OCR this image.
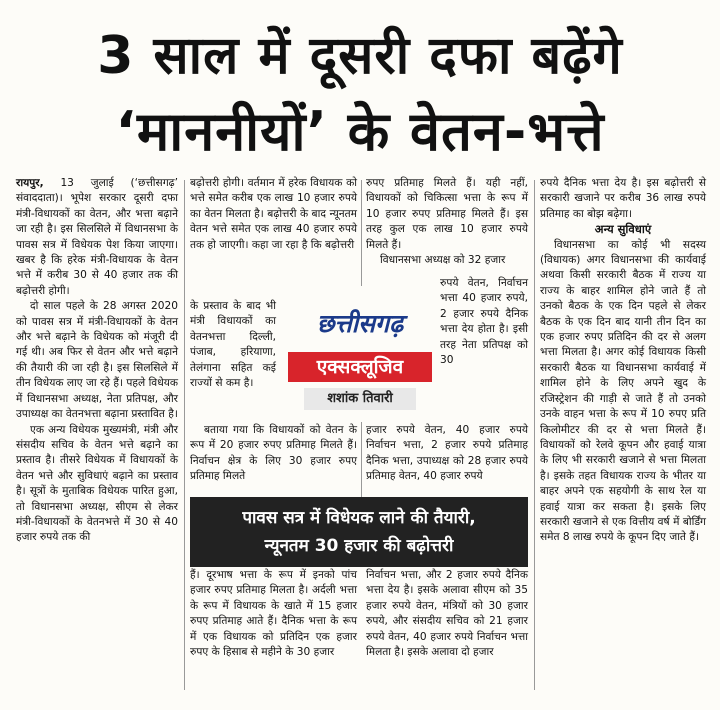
3 साल में दूसरी दफा बढ़ेंगे
‘माननीयों’ के वेतन-भत्ते

रायपुर, 13 जुलाई (‘छत्तीसगढ़’ संवाददाता)। भूपेश सरकार दूसरी दफा मंत्री-विधायकों का वेतन, और भत्ता बढ़ाने जा रही है। इस सिलसिले में विधानसभा के पावस सत्र में विधेयक पेश किया जाएगा। खबर है कि हरेक मंत्री-विधायक के वेतन भत्ते में करीब 30 से 40 हजार तक की बढ़ोत्तरी होगी।

दो साल पहले के 28 अगस्त 2020 को पावस सत्र में मंत्री-विधायकों के वेतन और भत्ते बढ़ाने के विधेयक को मंजूरी दी गई थी। अब फिर से वेतन और भत्ते बढ़ाने की तैयारी की जा रही है। इस सिलसिले में तीन विधेयक लाए जा रहे हैं। पहले विधेयक में विधानसभा अध्यक्ष, नेता प्रतिपक्ष, और उपाध्यक्ष का वेतनभत्ता बढ़ाना प्रस्तावित है।

एक अन्य विधेयक मुख्यमंत्री, मंत्री और संसदीय सचिव के वेतन भत्ते बढ़ाने का प्रस्ताव है। तीसरे विधेयक में विधायकों के वेतन भत्ते और सुविधाएं बढ़ाने का प्रस्ताव है। सूत्रों के मुताबिक विधेयक पारित हुआ, तो विधानसभा अध्यक्ष, सीएम से लेकर मंत्री-विधायकों के वेतनभत्ते में 30 से 40 हजार रुपये तक की

बढ़ोत्तरी होगी। वर्तमान में हरेक विधायक को भत्ते समेत करीब एक लाख 10 हजार रुपये का वेतन मिलता है। बढ़ोत्तरी के बाद न्यूनतम वेतन भत्ते समेत एक लाख 40 हजार रुपये तक हो जाएगी। कहा जा रहा है कि बढ़ोत्तरी

के प्रस्ताव के बाद भी मंत्री विधायकों का वेतनभत्ता दिल्ली, पंजाब, हरियाणा, तेलंगाना सहित कई राज्यों से कम है।

बताया गया कि विधायकों को वेतन के रूप में 20 हजार रुपए प्रतिमाह मिलते हैं। निर्वाचन क्षेत्र के लिए 30 हजार रुपए प्रतिमाह मिलते

हैं। दूरभाष भत्ता के रूप में इनको पांच हजार रुपए प्रतिमाह मिलता है। अर्दली भत्ता के रूप में विधायक के खाते में 15 हजार रुपए प्रतिमाह आते हैं। दैनिक भत्ता के रूप में एक विधायक को प्रतिदिन एक हजार रुपए के हिसाब से महीने के 30 हजार

रुपए प्रतिमाह मिलते हैं। यही नहीं, विधायकों को चिकित्सा भत्ता के रूप में 10 हजार रुपए प्रतिमाह मिलते हैं। इस तरह कुल एक लाख 10 हजार रुपये मिलते हैं।

विधानसभा अध्यक्ष को 32 हजार

रुपये वेतन, निर्वाचन भत्ता 40 हजार रुपये, 2 हजार रुपये दैनिक भत्ता देय होता है। इसी तरह नेता प्रतिपक्ष को 30

हजार रुपये वेतन, 40 हजार रुपये निर्वाचन भत्ता, 2 हजार रुपये प्रतिमाह दैनिक भत्ता, उपाध्यक्ष को 28 हजार रुपये प्रतिमाह वेतन, 40 हजार रुपये

निर्वाचन भत्ता, और 2 हजार रुपये दैनिक भत्ता देय है। इसके अलावा सीएम को 35 हजार रुपये वेतन, मंत्रियों को 30 हजार रुपये, और संसदीय सचिव को 21 हजार रुपये वेतन, 40 हजार रुपये निर्वाचन भत्ता मिलता है। इसके अलावा दो हजार

रुपये दैनिक भत्ता देय है। इस बढ़ोत्तरी से सरकारी खजाने पर करीब 36 लाख रुपये प्रतिमाह का बोझ बढ़ेगा।

अन्य सुविधाएं

विधानसभा का कोई भी सदस्य (विधायक) अगर विधानसभा की कार्यवाई अथवा किसी सरकारी बैठक में राज्य या राज्य के बाहर शामिल होने जाते हैं तो उनको बैठक के एक दिन पहले से लेकर बैठक के एक दिन बाद यानी तीन दिन का एक हजार रुपए प्रतिदिन की दर से अलग भत्ता मिलता है। अगर कोई विधायक किसी सरकारी बैठक या विधानसभा कार्यवाई में शामिल होने के लिए अपने खुद के रजिस्ट्रेशन की गाड़ी से जाते हैं तो उनको उनके वाहन भत्ता के रूप में 10 रुपए प्रति किलोमीटर की दर से भत्ता मिलते हैं। विधायकों को रेलवे कूपन और हवाई यात्रा के लिए भी सरकारी खजाने से भत्ता मिलता है। इसके तहत विधायक राज्य के भीतर या बाहर अपने एक सहयोगी के साथ रेल या हवाई यात्रा कर सकता है। इसके लिए सरकारी खजाने से एक वित्तीय वर्ष में बोर्डिंग समेत 8 लाख रुपये के कूपन दिए जाते हैं।

छत्तीसगढ़
एक्सक्लूजिव
शशांक तिवारी
पावस सत्र में विधेयक लाने की तैयारी,
न्यूनतम 30 हजार की बढ़ोत्तरी
